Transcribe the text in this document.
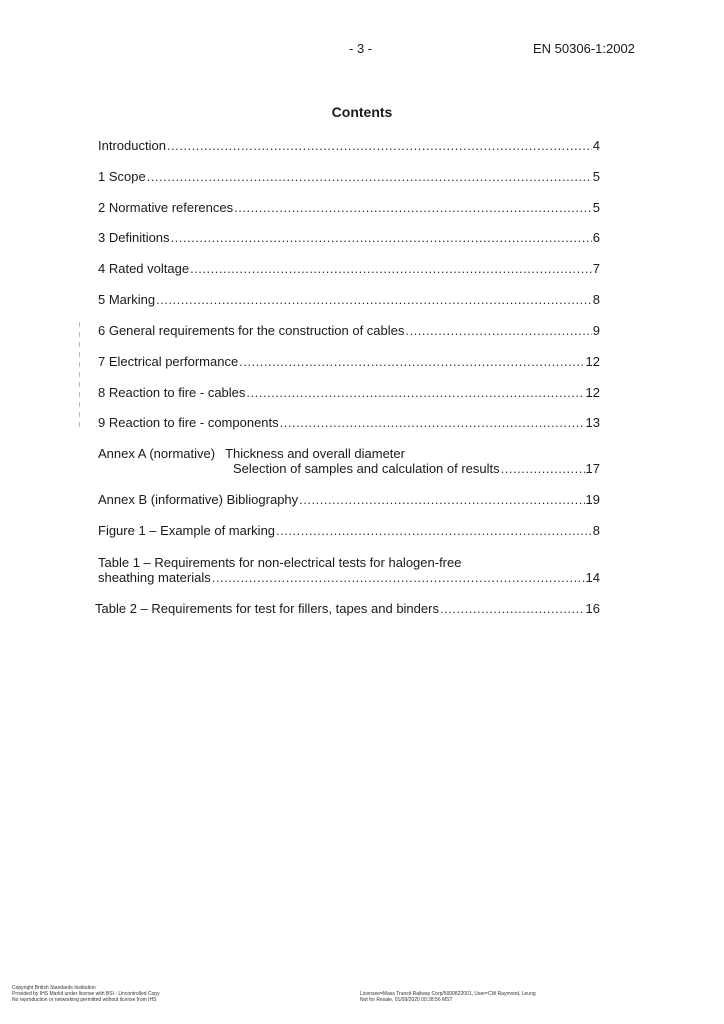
- 3 -	EN 50306-1:2002
Contents
Introduction .....	4
1 Scope .....	5
2 Normative references .....	5
3 Definitions .....	6
4 Rated voltage .....	7
5 Marking .....	8
6 General requirements for the construction of cables .....	9
7 Electrical performance .....	12
8 Reaction to fire - cables .....	12
9 Reaction to fire - components .....	13
Annex A (normative) Thickness and overall diameter
Selection of samples and calculation of results .....	17
Annex B (informative) Bibliography .....	19
Figure 1 – Example of marking .....	8
Table 1 – Requirements for non-electrical tests for halogen-free
sheathing materials .....	14
Table 2 – Requirements for test for fillers, tapes and binders .....	16
Copyright British Standards Institution
Provided by IHS Markit under license with BSI - Uncontrolled Copy
No reproduction or networking permitted without license from IHS
Licensee=Mass Transit Railway Corp/5000822001, User=CW Raymond, Leung
Not for Resale, 01/09/2020 00:28:56 MST
